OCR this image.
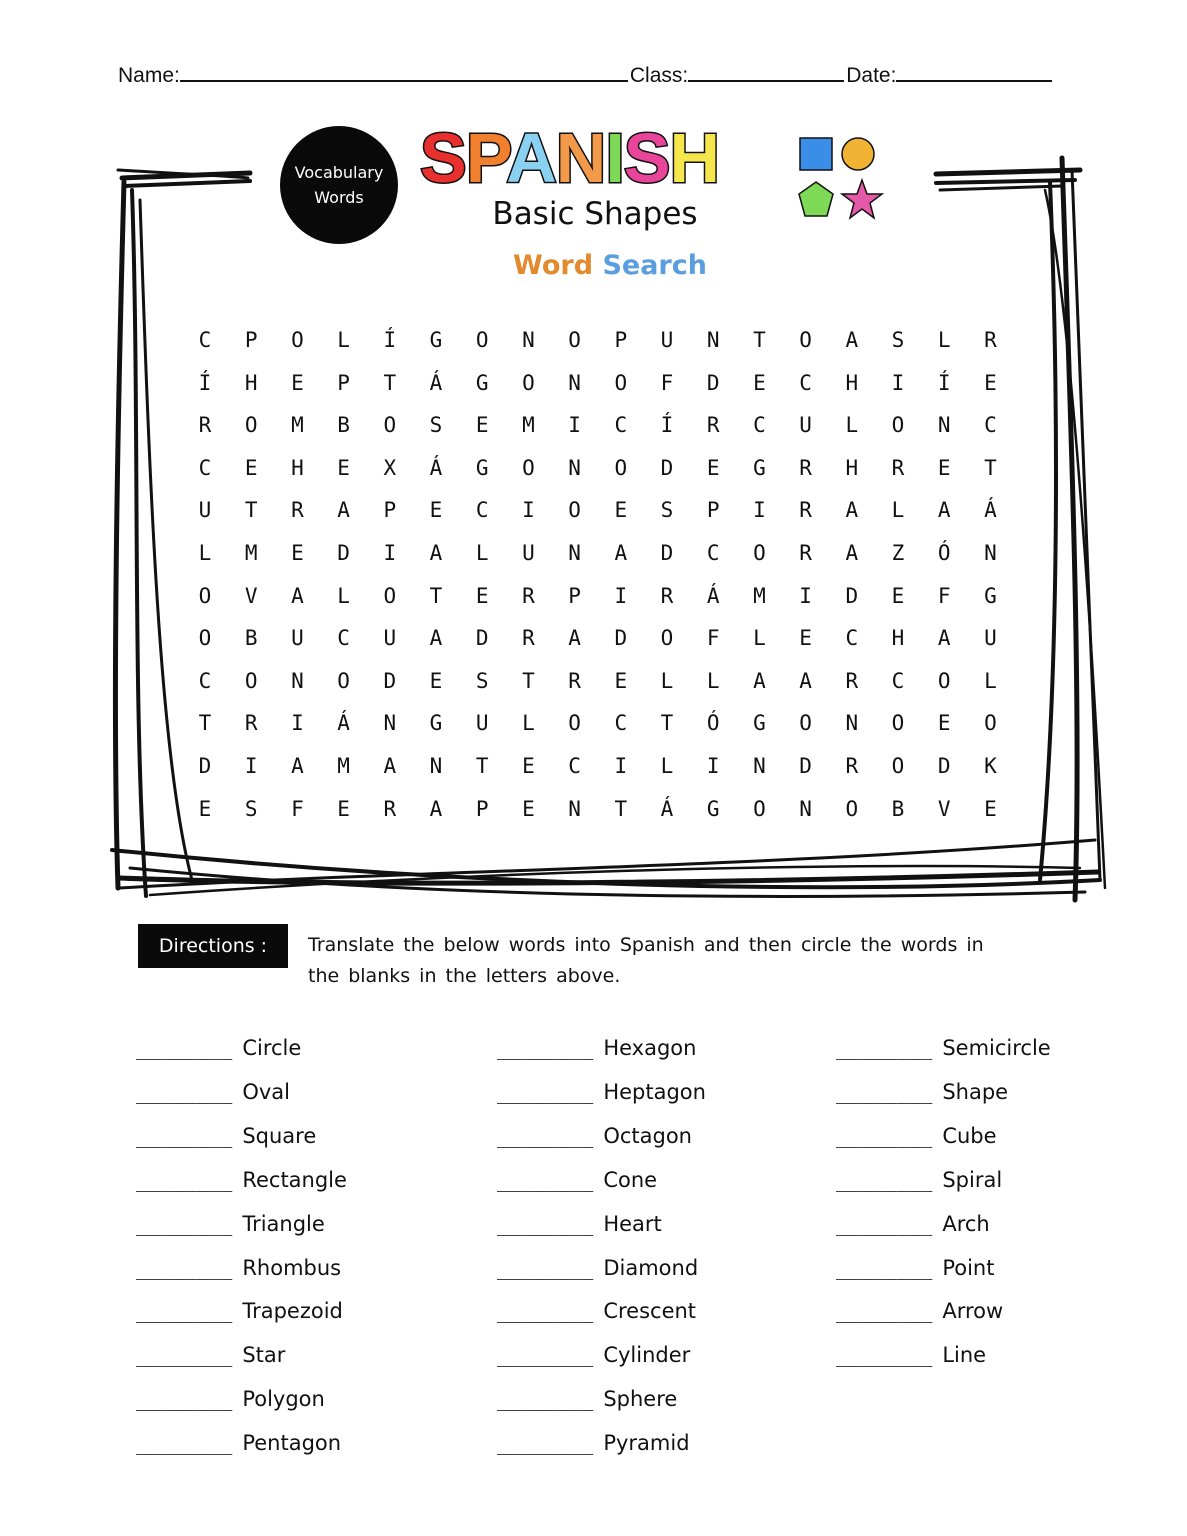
Name:	Class:	Date:
Vocabulary
Words
SPANISH
Basic Shapes
Word Search
C	P	O	L	Í	G	O	N	O	P	U	N	T	O	A	S	L	R
Í	H	E	P	T	Á	G	O	N	O	F	D	E	C	H	I	Í	E
R	O	M	B	O	S	E	M	I	C	Í	R	C	U	L	O	N	C
C	E	H	E	X	Á	G	O	N	O	D	E	G	R	H	R	E	T
U	T	R	A	P	E	C	I	O	E	S	P	I	R	A	L	A	Á
L	M	E	D	I	A	L	U	N	A	D	C	O	R	A	Z	Ó	N
O	V	A	L	O	T	E	R	P	I	R	Á	M	I	D	E	F	G
O	B	U	C	U	A	D	R	A	D	O	F	L	E	C	H	A	U
C	O	N	O	D	E	S	T	R	E	L	L	A	A	R	C	O	L
T	R	I	Á	N	G	U	L	O	C	T	Ó	G	O	N	O	E	O
D	I	A	M	A	N	T	E	C	I	L	I	N	D	R	O	D	K
E	S	F	E	R	A	P	E	N	T	Á	G	O	N	O	B	V	E
Directions :	Translate the below words into Spanish and then circle the words in the blanks in the letters above.
________ Circle
________ Oval
________ Square
________ Rectangle
________ Triangle
________ Rhombus
________ Trapezoid
________ Star
________ Polygon
________ Pentagon
________ Hexagon
________ Heptagon
________ Octagon
________ Cone
________ Heart
________ Diamond
________ Crescent
________ Cylinder
________ Sphere
________ Pyramid
________ Semicircle
________ Shape
________ Cube
________ Spiral
________ Arch
________ Point
________ Arrow
________ Line
